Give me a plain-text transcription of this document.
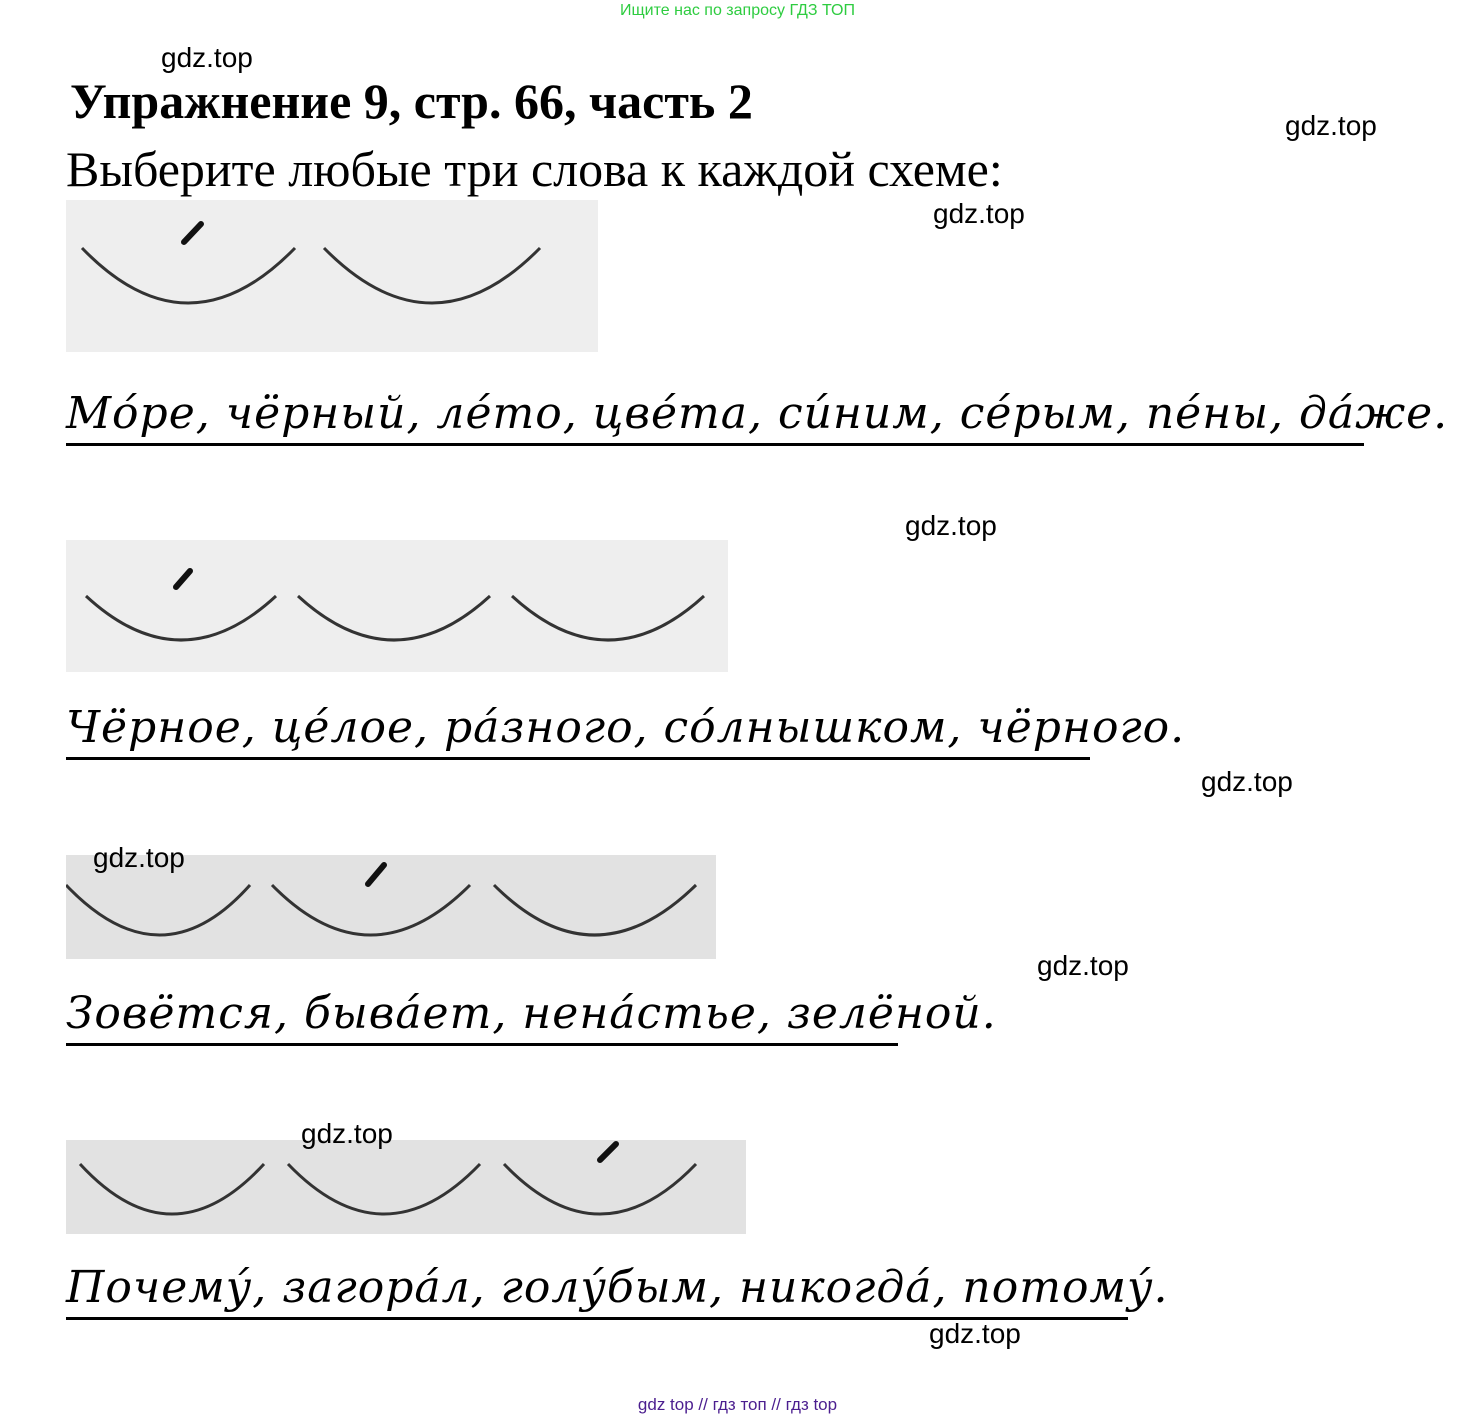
Ищите нас по запросу ГДЗ ТОП
gdz.top
Упражнение 9, стр. 66, часть 2	gdz.top
Выберите любые три слова к каждой схеме:
gdz.top
Мо́ре, чёрный, ле́то, цве́та, си́ним, се́рым, пе́ны, да́же.
gdz.top
Чёрное, це́лое, ра́зного, со́лнышком, чёрного.
gdz.top
gdz.top
gdz.top
Зовётся, быва́ет, нена́стье, зелёной.
gdz.top
Почему́, загора́л, голу́бым, никогда́, потому́.
gdz.top
gdz top // гдз топ // гдз top
